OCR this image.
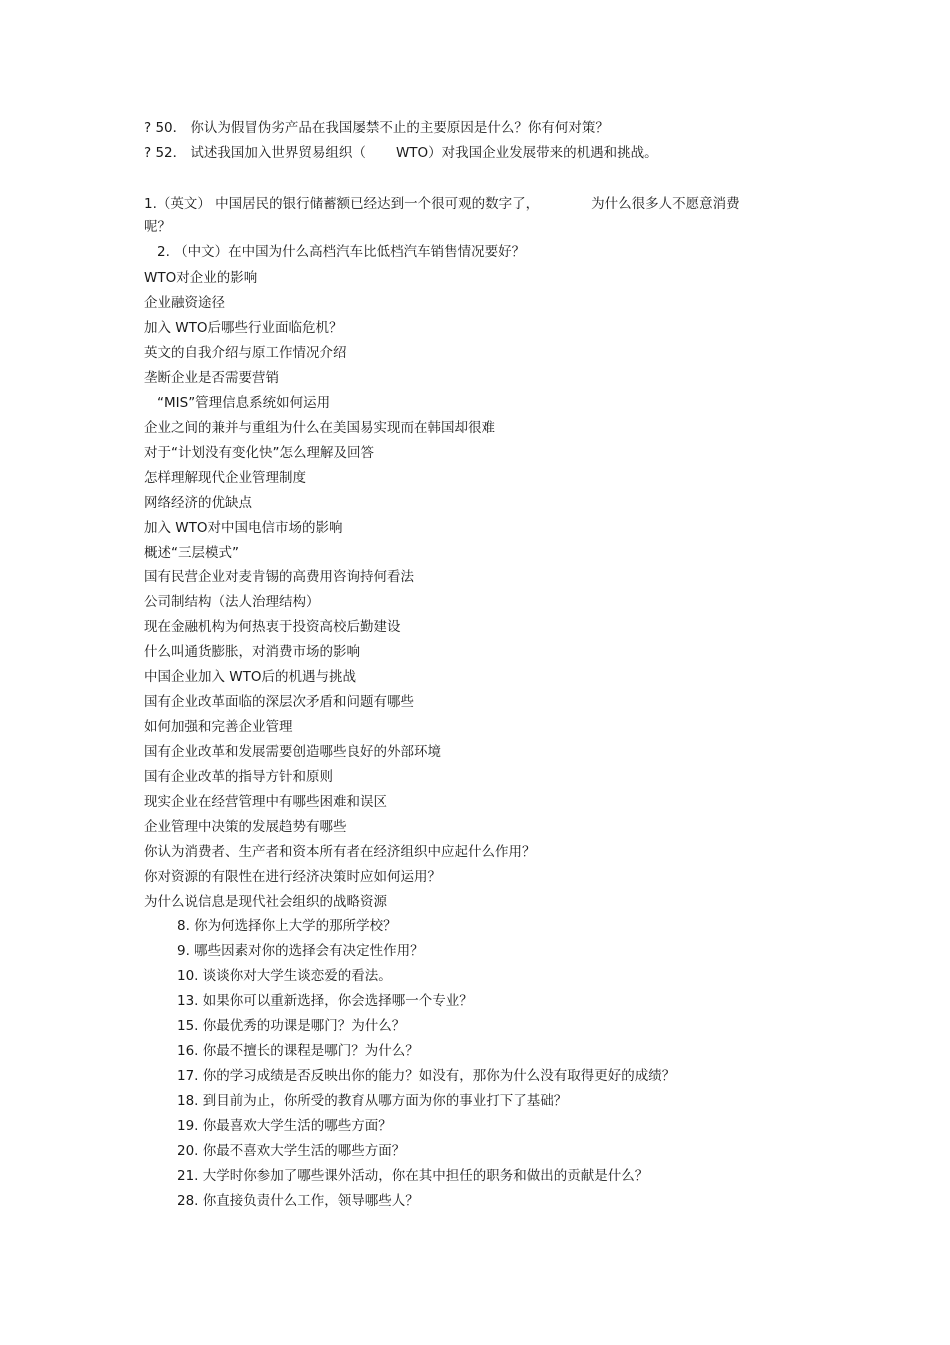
? 50． 你认为假冒伪劣产品在我国屡禁不止的主要原因是什么？你有何对策？
? 52． 试述我国加入世界贸易组织（ WTO）对我国企业发展带来的机遇和挑战。
1.（英文） 中国居民的银行储蓄额已经达到一个很可观的数字了，	为什么很多人不愿意消费
呢？
2. （中文）在中国为什么高档汽车比低档汽车销售情况要好？
WTO对企业的影响
企业融资途径
加入 WTO后哪些行业面临危机？
英文的自我介绍与原工作情况介绍
垄断企业是否需要营销
“MIS”管理信息系统如何运用
企业之间的兼并与重组为什么在美国易实现而在韩国却很难
对于“计划没有变化快”怎么理解及回答
怎样理解现代企业管理制度
网络经济的优缺点
加入 WTO对中国电信市场的影响
概述“三层模式”
国有民营企业对麦肯锡的高费用咨询持何看法
公司制结构（法人治理结构）
现在金融机构为何热衷于投资高校后勤建设
什么叫通货膨胀，对消费市场的影响
中国企业加入 WTO后的机遇与挑战
国有企业改革面临的深层次矛盾和问题有哪些
如何加强和完善企业管理
国有企业改革和发展需要创造哪些良好的外部环境
国有企业改革的指导方针和原则
现实企业在经营管理中有哪些困难和误区
企业管理中决策的发展趋势有哪些
你认为消费者、生产者和资本所有者在经济组织中应起什么作用？
你对资源的有限性在进行经济决策时应如何运用？
为什么说信息是现代社会组织的战略资源
8. 你为何选择你上大学的那所学校？
9. 哪些因素对你的选择会有决定性作用？
10. 谈谈你对大学生谈恋爱的看法。
13. 如果你可以重新选择，你会选择哪一个专业？
15. 你最优秀的功课是哪门？为什么？
16. 你最不擅长的课程是哪门？为什么？
17. 你的学习成绩是否反映出你的能力？如没有，那你为什么没有取得更好的成绩？
18. 到目前为止，你所受的教育从哪方面为你的事业打下了基础？
19. 你最喜欢大学生活的哪些方面？
20. 你最不喜欢大学生活的哪些方面？
21. 大学时你参加了哪些课外活动，你在其中担任的职务和做出的贡献是什么？
28. 你直接负责什么工作，领导哪些人？
